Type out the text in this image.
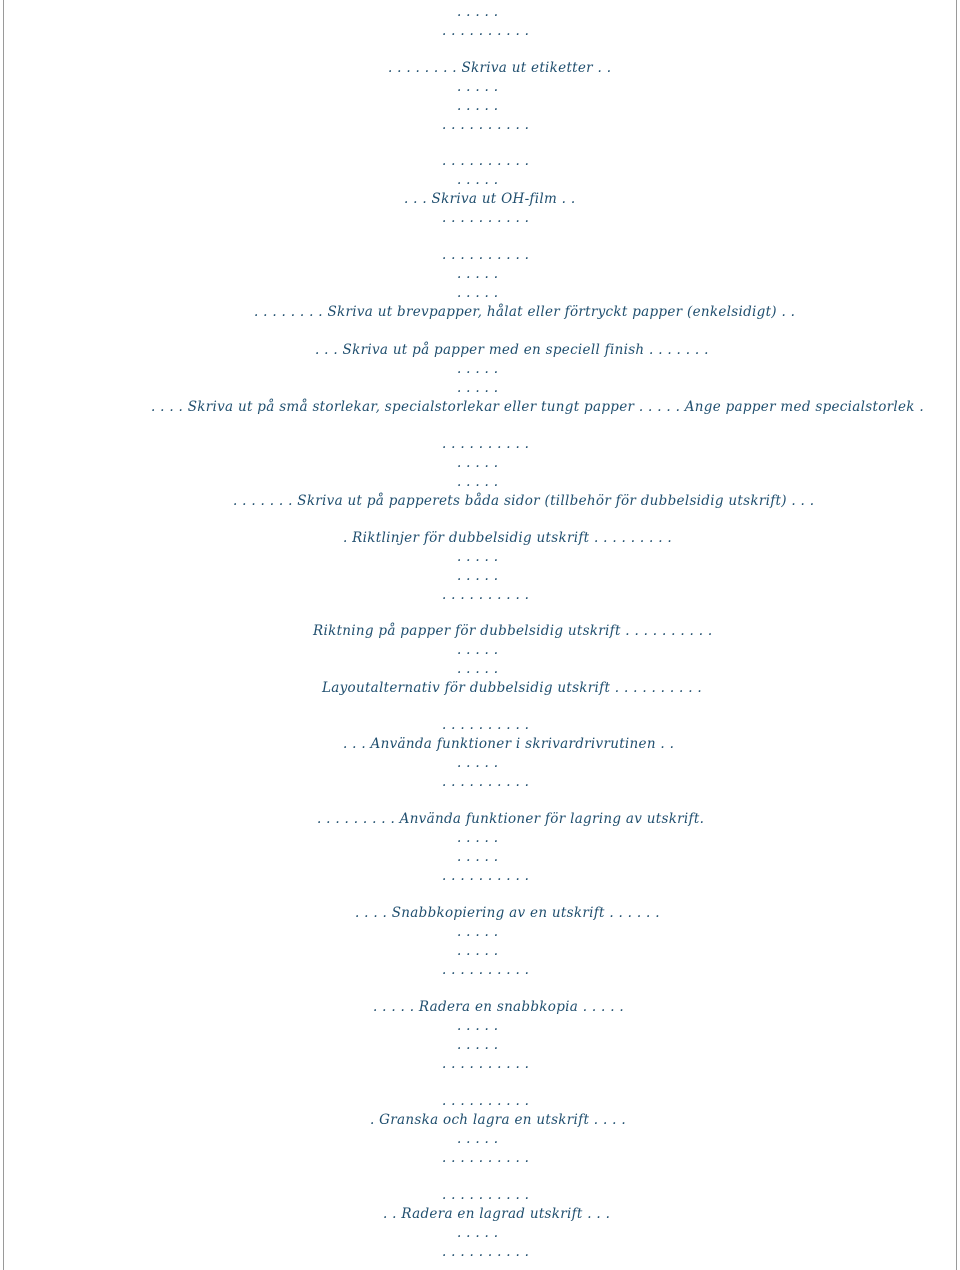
. . . . .
. . . . . . . . . .
. . . . . . . . Skriva ut etiketter . .
. . . . .
. . . . .
. . . . . . . . . .
. . . . . . . . . .
. . . . .
. . . Skriva ut OH-film . .
. . . . . . . . . .
. . . . . . . . . .
. . . . .
. . . . .
. . . . . . . . Skriva ut brevpapper, hålat eller förtryckt papper (enkelsidigt) . .
. . . Skriva ut på papper med en speciell finish . . . . . . .
. . . . .
. . . . .
. . . . Skriva ut på små storlekar, specialstorlekar eller tungt papper . . . . . Ange papper med specialstorlek .
. . . . . . . . . .
. . . . .
. . . . .
. . . . . . . Skriva ut på papperets båda sidor (tillbehör för dubbelsidig utskrift) . . .
. Riktlinjer för dubbelsidig utskrift . . . . . . . . .
. . . . .
. . . . .
. . . . . . . . . .
Riktning på papper för dubbelsidig utskrift . . . . . . . . . .
. . . . .
. . . . .
Layoutalternativ för dubbelsidig utskrift . . . . . . . . . .
. . . . . . . . . .
. . . Använda funktioner i skrivardrivrutinen . .
. . . . .
. . . . . . . . . .
. . . . . . . . . Använda funktioner för lagring av utskrift.
. . . . .
. . . . .
. . . . . . . . . .
. . . . Snabbkopiering av en utskrift . . . . . .
. . . . .
. . . . .
. . . . . . . . . .
. . . . . Radera en snabbkopia . . . . .
. . . . .
. . . . .
. . . . . . . . . .
. . . . . . . . . .
. Granska och lagra en utskrift . . . .
. . . . .
. . . . . . . . . .
. . . . . . . . . .
. . Radera en lagrad utskrift . . .
. . . . .
. . . . . . . . . .
